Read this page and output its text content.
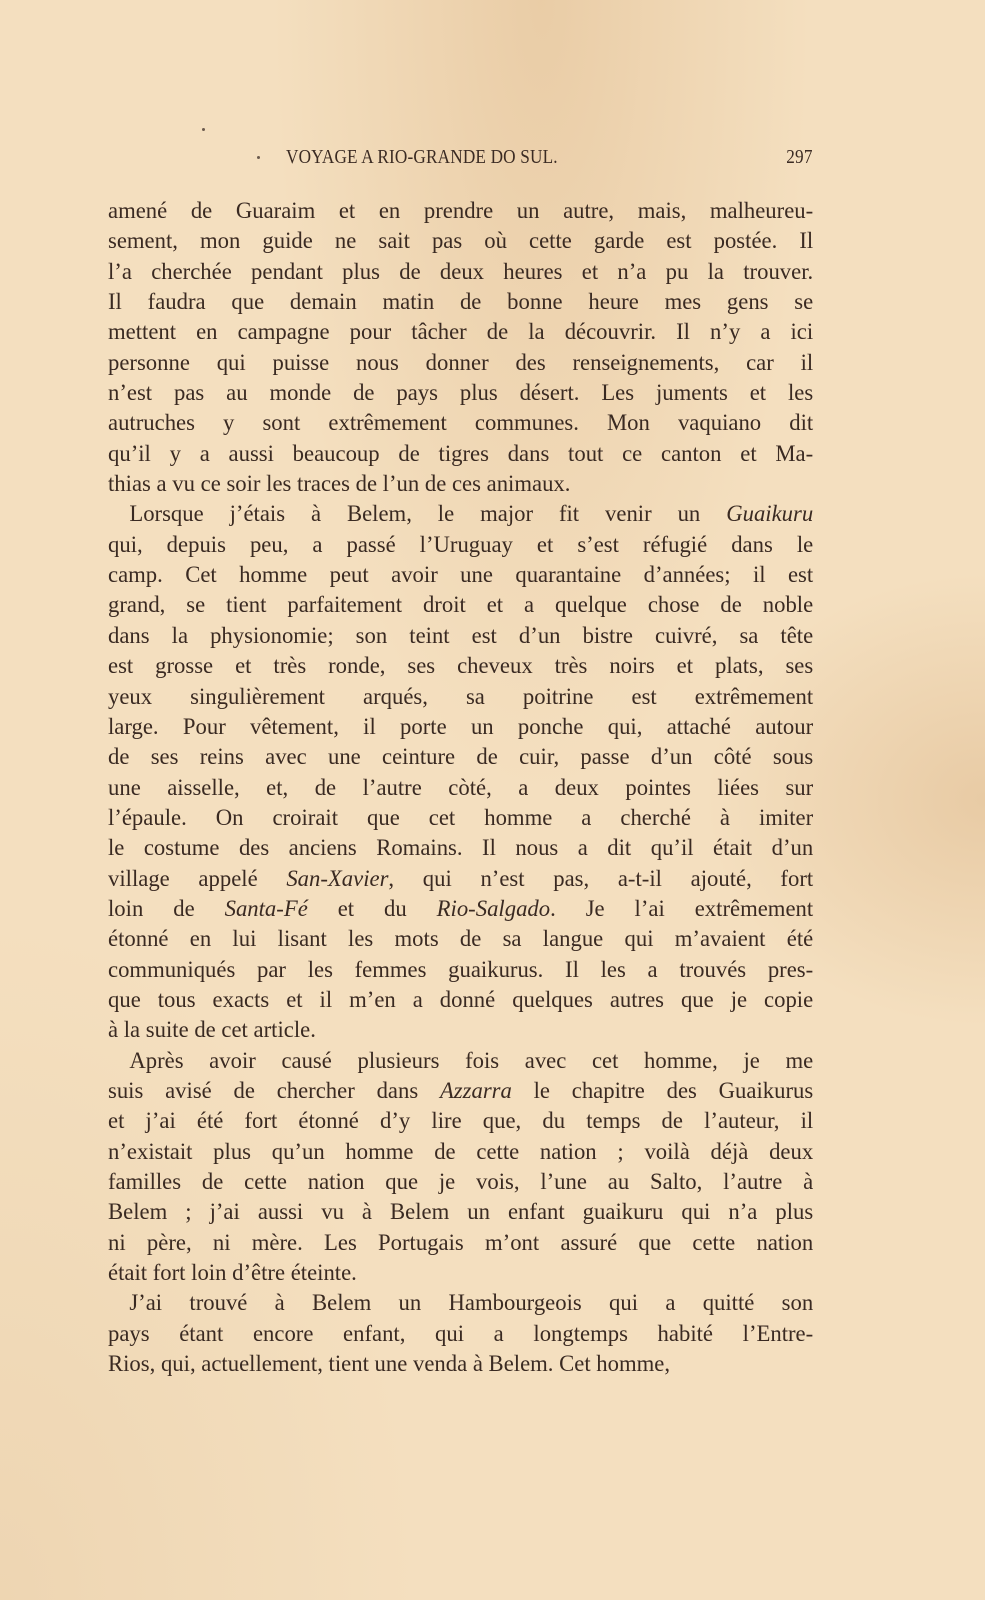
VOYAGE A RIO-GRANDE DO SUL.	297
amené de Guaraim et en prendre un autre, mais, malheureu-
sement, mon guide ne sait pas où cette garde est postée. Il
l’a cherchée pendant plus de deux heures et n’a pu la trouver.
Il faudra que demain matin de bonne heure mes gens se
mettent en campagne pour tâcher de la découvrir. Il n’y a ici
personne qui puisse nous donner des renseignements, car il
n’est pas au monde de pays plus désert. Les juments et les
autruches y sont extrêmement communes. Mon vaquiano dit
qu’il y a aussi beaucoup de tigres dans tout ce canton et Ma-
thias a vu ce soir les traces de l’un de ces animaux.
Lorsque j’étais à Belem, le major fit venir un Guaikuru
qui, depuis peu, a passé l’Uruguay et s’est réfugié dans le
camp. Cet homme peut avoir une quarantaine d’années; il est
grand, se tient parfaitement droit et a quelque chose de noble
dans la physionomie; son teint est d’un bistre cuivré, sa tête
est grosse et très ronde, ses cheveux très noirs et plats, ses
yeux singulièrement arqués, sa poitrine est extrêmement
large. Pour vêtement, il porte un ponche qui, attaché autour
de ses reins avec une ceinture de cuir, passe d’un côté sous
une aisselle, et, de l’autre còté, a deux pointes liées sur
l’épaule. On croirait que cet homme a cherché à imiter
le costume des anciens Romains. Il nous a dit qu’il était d’un
village appelé San-Xavier, qui n’est pas, a-t-il ajouté, fort
loin de Santa-Fé et du Rio-Salgado. Je l’ai extrêmement
étonné en lui lisant les mots de sa langue qui m’avaient été
communiqués par les femmes guaikurus. Il les a trouvés pres-
que tous exacts et il m’en a donné quelques autres que je copie
à la suite de cet article.
Après avoir causé plusieurs fois avec cet homme, je me
suis avisé de chercher dans Azzarra le chapitre des Guaikurus
et j’ai été fort étonné d’y lire que, du temps de l’auteur, il
n’existait plus qu’un homme de cette nation ; voilà déjà deux
familles de cette nation que je vois, l’une au Salto, l’autre à
Belem ; j’ai aussi vu à Belem un enfant guaikuru qui n’a plus
ni père, ni mère. Les Portugais m’ont assuré que cette nation
était fort loin d’être éteinte.
J’ai trouvé à Belem un Hambourgeois qui a quitté son
pays étant encore enfant, qui a longtemps habité l’Entre-
Rios, qui, actuellement, tient une venda à Belem. Cet homme,
